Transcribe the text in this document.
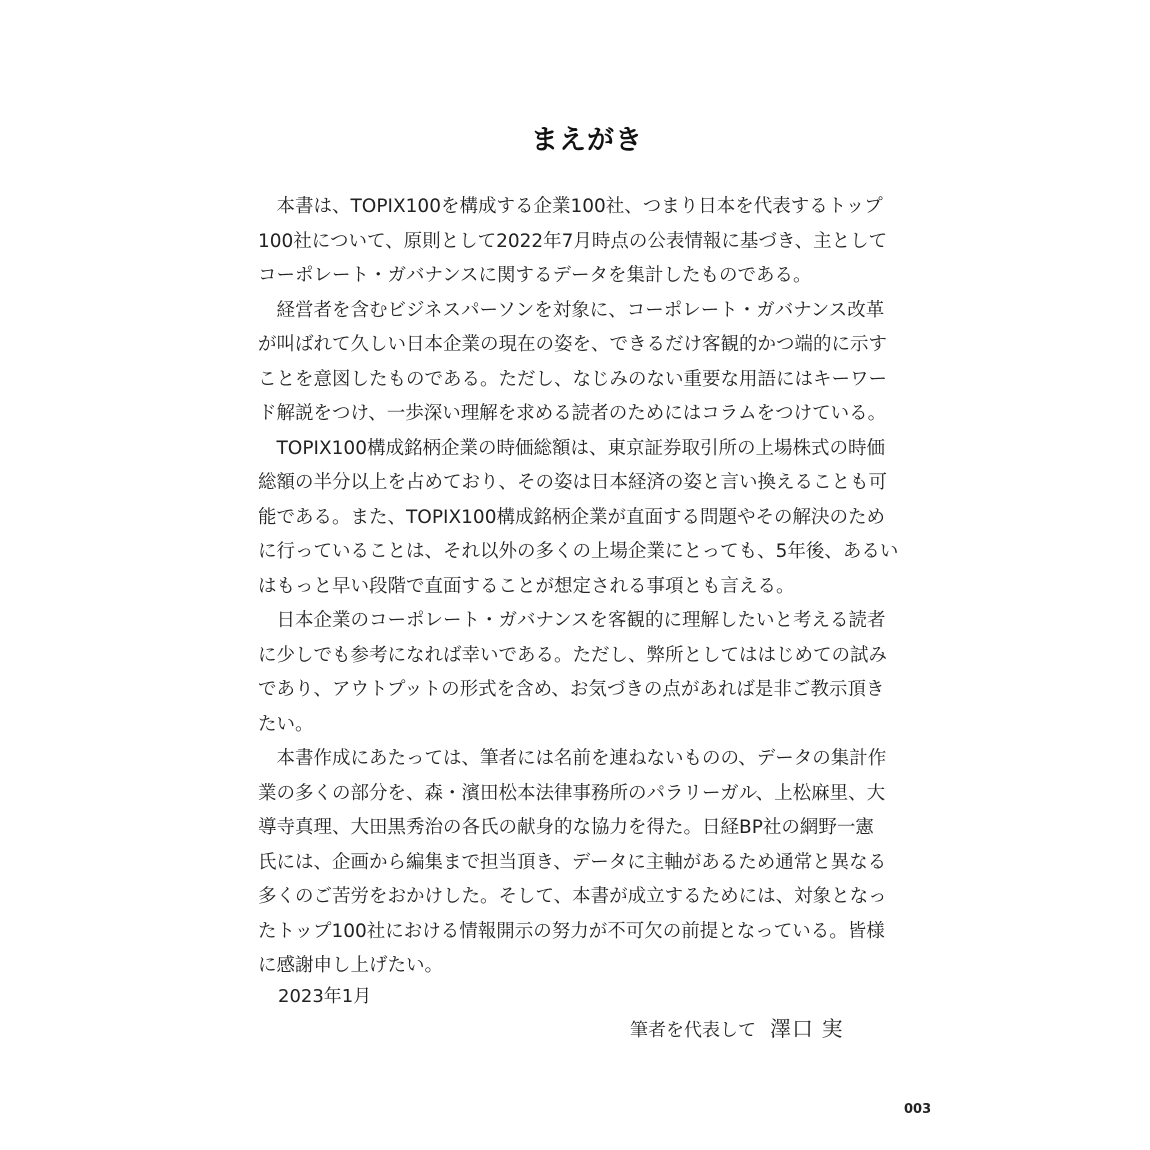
まえがき
　本書は、TOPIX100を構成する企業100社、つまり日本を代表するトップ
100社について、原則として2022年7月時点の公表情報に基づき、主として
コーポレート・ガバナンスに関するデータを集計したものである。
　経営者を含むビジネスパーソンを対象に、コーポレート・ガバナンス改革
が叫ばれて久しい日本企業の現在の姿を、できるだけ客観的かつ端的に示す
ことを意図したものである。ただし、なじみのない重要な用語にはキーワー
ド解説をつけ、一歩深い理解を求める読者のためにはコラムをつけている。
　TOPIX100構成銘柄企業の時価総額は、東京証券取引所の上場株式の時価
総額の半分以上を占めており、その姿は日本経済の姿と言い換えることも可
能である。また、TOPIX100構成銘柄企業が直面する問題やその解決のため
に行っていることは、それ以外の多くの上場企業にとっても、5年後、あるい
はもっと早い段階で直面することが想定される事項とも言える。
　日本企業のコーポレート・ガバナンスを客観的に理解したいと考える読者
に少しでも参考になれば幸いである。ただし、弊所としてははじめての試み
であり、アウトプットの形式を含め、お気づきの点があれば是非ご教示頂き
たい。
　本書作成にあたっては、筆者には名前を連ねないものの、データの集計作
業の多くの部分を、森・濱田松本法律事務所のパラリーガル、上松麻里、大
導寺真理、大田黒秀治の各氏の献身的な協力を得た。日経BP社の網野一憲
氏には、企画から編集まで担当頂き、データに主軸があるため通常と異なる
多くのご苦労をおかけした。そして、本書が成立するためには、対象となっ
たトップ100社における情報開示の努力が不可欠の前提となっている。皆様
に感謝申し上げたい。
2023年1月
筆者を代表して 澤口 実
003
